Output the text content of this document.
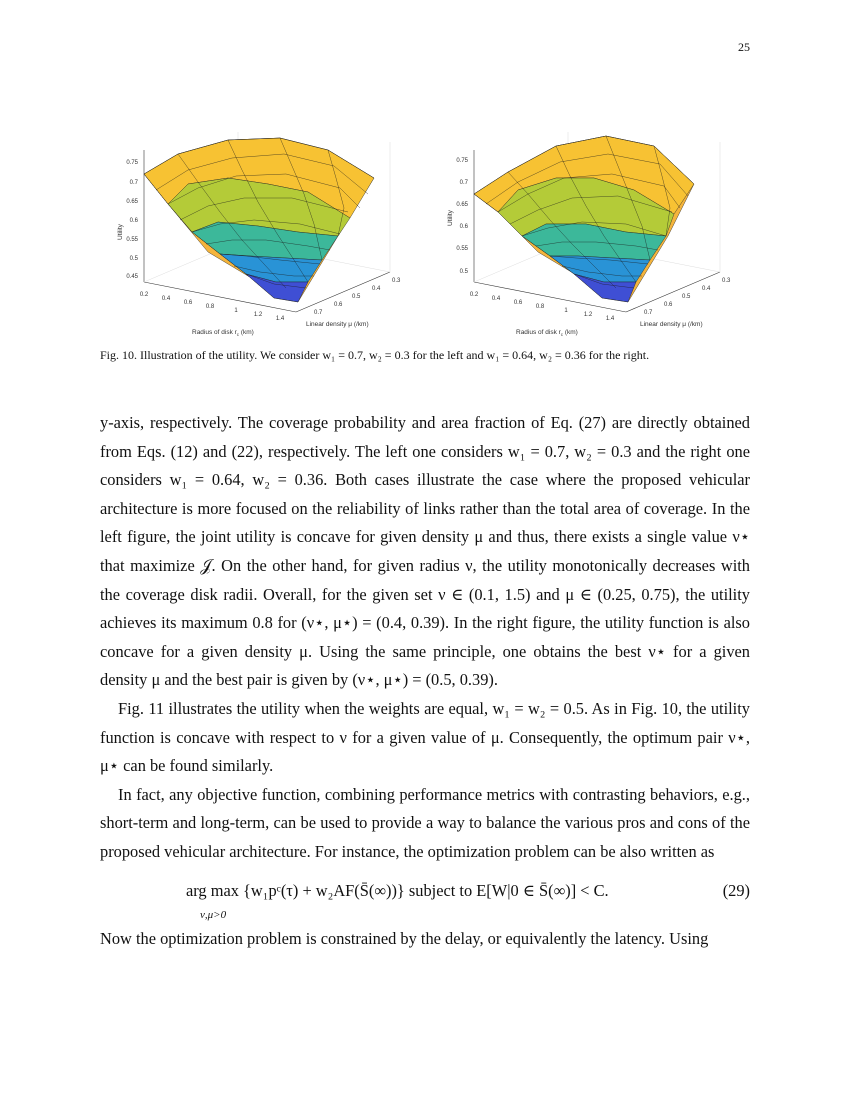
25
0.75
0.7
0.65
0.6
0.55
0.5
0.45
Utility
0.2
0.4
0.6
0.8
1
1.2
1.4
Radius of disk $r_c$ (km)
0.7
0.6
0.5
0.4
0.3
Linear density μ (/km)
0.75
0.7
0.65
0.6
0.55
0.5
Utility
0.2
0.4
0.6
0.8
1
1.2
1.4
Radius of disk $r_c$ (km)
0.7
0.6
0.5
0.4
0.3
Linear density μ (/km)
Fig. 10. Illustration of the utility. We consider w₁ = 0.7, w₂ = 0.3 for the left and w₁ = 0.64, w₂ = 0.36 for the right.

y-axis, respectively. The coverage probability and area fraction of Eq. (27) are directly obtained from Eqs. (12) and (22), respectively. The left one considers w₁ = 0.7, w₂ = 0.3 and the right one considers w₁ = 0.64, w₂ = 0.36. Both cases illustrate the case where the proposed vehicular architecture is more focused on the reliability of links rather than the total area of coverage. In the left figure, the joint utility is concave for given density μ and thus, there exists a single value ν⋆ that maximize 𝒥. On the other hand, for given radius ν, the utility monotonically decreases with the coverage disk radii. Overall, for the given set ν ∈ (0.1, 1.5) and μ ∈ (0.25, 0.75), the utility achieves its maximum 0.8 for (ν⋆, μ⋆) = (0.4, 0.39). In the right figure, the utility function is also concave for a given density μ. Using the same principle, one obtains the best ν⋆ for a given density μ and the best pair is given by (ν⋆, μ⋆) = (0.5, 0.39).

Fig. 11 illustrates the utility when the weights are equal, w₁ = w₂ = 0.5. As in Fig. 10, the utility function is concave with respect to ν for a given value of μ. Consequently, the optimum pair ν⋆, μ⋆ can be found similarly.

In fact, any objective function, combining performance metrics with contrasting behaviors, e.g., short-term and long-term, can be used to provide a way to balance the various pros and cons of the proposed vehicular architecture. For instance, the optimization problem can be also written as

arg max {w₁pᶜ(τ) + w₂AF(S̄(∞))} subject to E[W|0 ∈ S̄(∞)] < C.
ν,μ>0
(29)

Now the optimization problem is constrained by the delay, or equivalently the latency. Using
